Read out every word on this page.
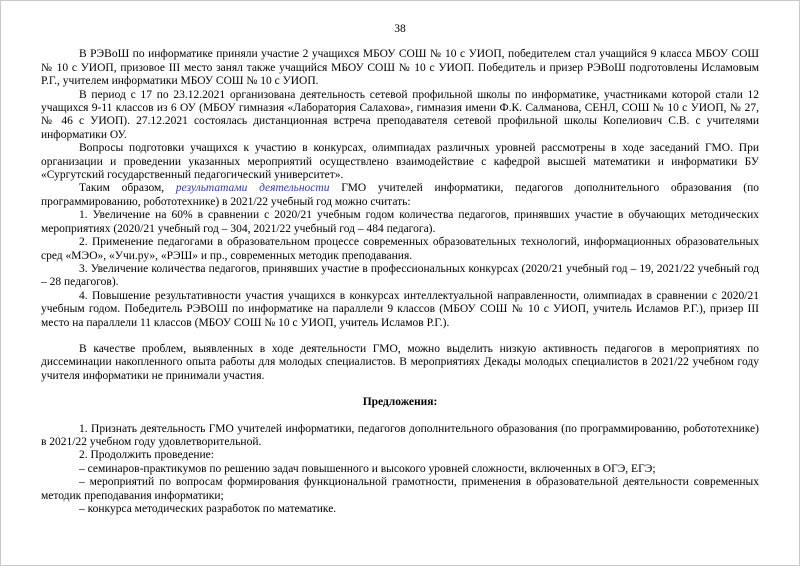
38

В РЭВоШ по информатике приняли участие 2 учащихся МБОУ СОШ № 10 с УИОП, победителем стал учащийся 9 класса МБОУ СОШ № 10 с УИОП, призовое III место занял также учащийся МБОУ СОШ № 10 с УИОП. Победитель и призер РЭВоШ подготовлены Исламовым Р.Г., учителем информатики МБОУ СОШ № 10 с УИОП.

В период с 17 по 23.12.2021 организована деятельность сетевой профильной школы по информатике, участниками которой стали 12 учащихся 9-11 классов из 6 ОУ (МБОУ гимназия «Лаборатория Салахова», гимназия имени Ф.К. Салманова, СЕНЛ, СОШ № 10 с УИОП, № 27, № 46 с УИОП). 27.12.2021 состоялась дистанционная встреча преподавателя сетевой профильной школы Копелиович С.В. с учителями информатики ОУ.

Вопросы подготовки учащихся к участию в конкурсах, олимпиадах различных уровней рассмотрены в ходе заседаний ГМО. При организации и проведении указанных мероприятий осуществлено взаимодействие с кафедрой высшей математики и информатики БУ «Сургутский государственный педагогический университет».

Таким образом, результатами деятельности ГМО учителей информатики, педагогов дополнительного образования (по программированию, робототехнике) в 2021/22 учебный год можно считать:

1. Увеличение на 60% в сравнении с 2020/21 учебным годом количества педагогов, принявших участие в обучающих методических мероприятиях (2020/21 учебный год – 304, 2021/22 учебный год – 484 педагога).

2. Применение педагогами в образовательном процессе современных образовательных технологий, информационных образовательных сред «МЭО», «Учи.ру», «РЭШ» и пр., современных методик преподавания.

3. Увеличение количества педагогов, принявших участие в профессиональных конкурсах (2020/21 учебный год – 19, 2021/22 учебный год – 28 педагогов).

4. Повышение результативности участия учащихся в конкурсах интеллектуальной направленности, олимпиадах в сравнении с 2020/21 учебным годом. Победитель РЭВОШ по информатике на параллели 9 классов (МБОУ СОШ № 10 с УИОП, учитель Исламов Р.Г.), призер III место на параллели 11 классов (МБОУ СОШ № 10 с УИОП, учитель Исламов Р.Г.).

В качестве проблем, выявленных в ходе деятельности ГМО, можно выделить низкую активность педагогов в мероприятиях по диссеминации накопленного опыта работы для молодых специалистов. В мероприятиях Декады молодых специалистов в 2021/22 учебном году учителя информатики не принимали участия.

Предложения:

1. Признать деятельность ГМО учителей информатики, педагогов дополнительного образования (по программированию, робототехнике) в 2021/22 учебном году удовлетворительной.

2. Продолжить проведение:

– семинаров-практикумов по решению задач повышенного и высокого уровней сложности, включенных в ОГЭ, ЕГЭ;

– мероприятий по вопросам формирования функциональной грамотности, применения в образовательной деятельности современных методик преподавания информатики;

– конкурса методических разработок по математике.
